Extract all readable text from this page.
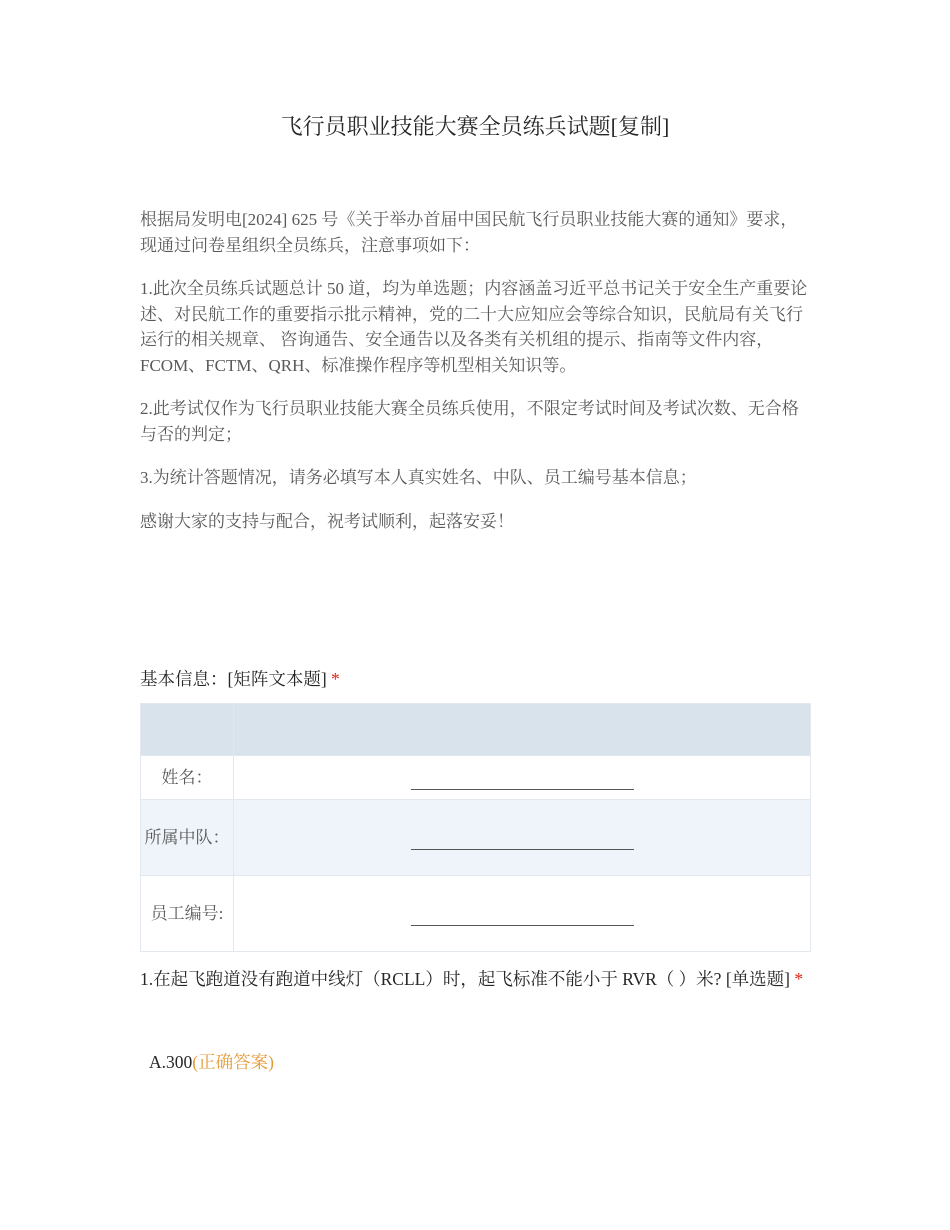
飞行员职业技能大赛全员练兵试题[复制]

根据局发明电[2024] 625 号《关于举办首届中国民航飞行员职业技能大赛的通知》要求，现通过问卷星组织全员练兵，注意事项如下：

1.此次全员练兵试题总计 50 道，均为单选题；内容涵盖习近平总书记关于安全生产重要论述、对民航工作的重要指示批示精神，党的二十大应知应会等综合知识，民航局有关飞行运行的相关规章、 咨询通告、安全通告以及各类有关机组的提示、指南等文件内容，FCOM、FCTM、QRH、标准操作程序等机型相关知识等。

2.此考试仅作为飞行员职业技能大赛全员练兵使用，不限定考试时间及考试次数、无合格与否的判定；

3.为统计答题情况，请务必填写本人真实姓名、中队、员工编号基本信息；

感谢大家的支持与配合，祝考试顺利，起落安妥！

基本信息：[矩阵文本题] *

姓名：	
所属中队：	
员工编号:	
1.在起飞跑道没有跑道中线灯（RCLL）时，起飞标准不能小于 RVR（ ）米? [单选题] *
A.300(正确答案)
